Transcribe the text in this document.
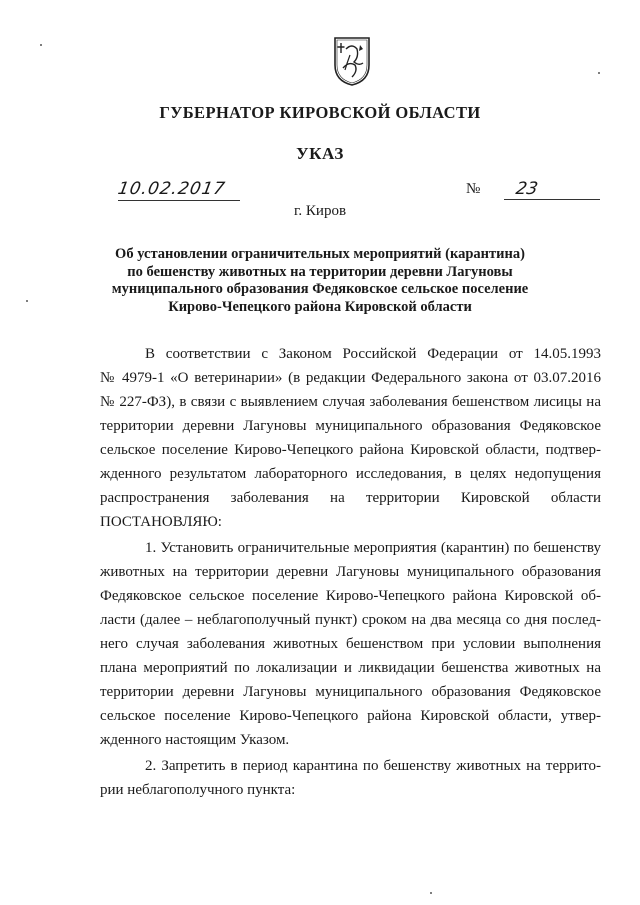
ГУБЕРНАТОР КИРОВСКОЙ ОБЛАСТИ
УКАЗ
10.02.2017	№ 23
г. Киров
Об установлении ограничительных мероприятий (карантина)
по бешенству животных на территории деревни Лагуновы
муниципального образования Федяковское сельское поселение
Кирово-Чепецкого района Кировской области
В соответствии с Законом Российской Федерации от 14.05.1993
№ 4979-1 «О ветеринарии» (в редакции Федерального закона от 03.07.2016
№ 227-ФЗ), в связи с выявлением случая заболевания бешенством лисицы на
территории деревни Лагуновы муниципального образования Федяковское
сельское поселение Кирово-Чепецкого района Кировской области, подтвер-
жденного результатом лабораторного исследования, в целях недопущения
распространения заболевания на территории Кировской области
ПОСТАНОВЛЯЮ:
1. Установить ограничительные мероприятия (карантин) по бешенству
животных на территории деревни Лагуновы муниципального образования
Федяковское сельское поселение Кирово-Чепецкого района Кировской об-
ласти (далее – неблагополучный пункт) сроком на два месяца со дня послед-
него случая заболевания животных бешенством при условии выполнения
плана мероприятий по локализации и ликвидации бешенства животных на
территории деревни Лагуновы муниципального образования Федяковское
сельское поселение Кирово-Чепецкого района Кировской области, утвер-
жденного настоящим Указом.
2. Запретить в период карантина по бешенству животных на террито-
рии неблагополучного пункта:
